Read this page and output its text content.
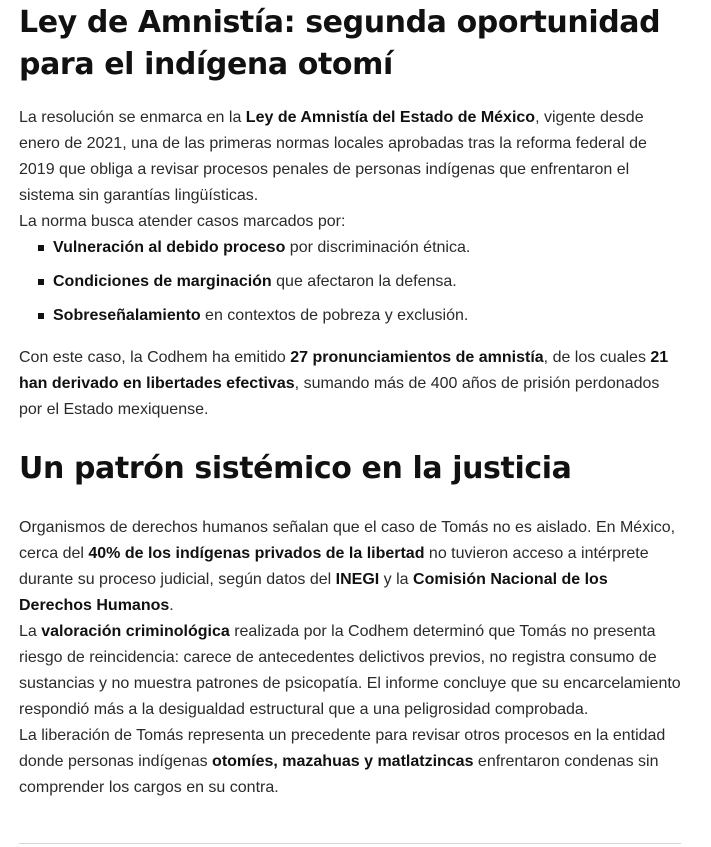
Ley de Amnistía: segunda oportunidad para el indígena otomí

La resolución se enmarca en la Ley de Amnistía del Estado de México, vigente desde enero de 2021, una de las primeras normas locales aprobadas tras la reforma federal de 2019 que obliga a revisar procesos penales de personas indígenas que enfrentaron el sistema sin garantías lingüísticas.

La norma busca atender casos marcados por:

Vulneración al debido proceso por discriminación étnica.
Condiciones de marginación que afectaron la defensa.
Sobreseñalamiento en contextos de pobreza y exclusión.

Con este caso, la Codhem ha emitido 27 pronunciamientos de amnistía, de los cuales 21 han derivado en libertades efectivas, sumando más de 400 años de prisión perdonados por el Estado mexiquense.

Un patrón sistémico en la justicia

Organismos de derechos humanos señalan que el caso de Tomás no es aislado. En México, cerca del 40% de los indígenas privados de la libertad no tuvieron acceso a intérprete durante su proceso judicial, según datos del INEGI y la Comisión Nacional de los Derechos Humanos.

La valoración criminológica realizada por la Codhem determinó que Tomás no presenta riesgo de reincidencia: carece de antecedentes delictivos previos, no registra consumo de sustancias y no muestra patrones de psicopatía. El informe concluye que su encarcelamiento respondió más a la desigualdad estructural que a una peligrosidad comprobada.

La liberación de Tomás representa un precedente para revisar otros procesos en la entidad donde personas indígenas otomíes, mazahuas y matlatzincas enfrentaron condenas sin comprender los cargos en su contra.
